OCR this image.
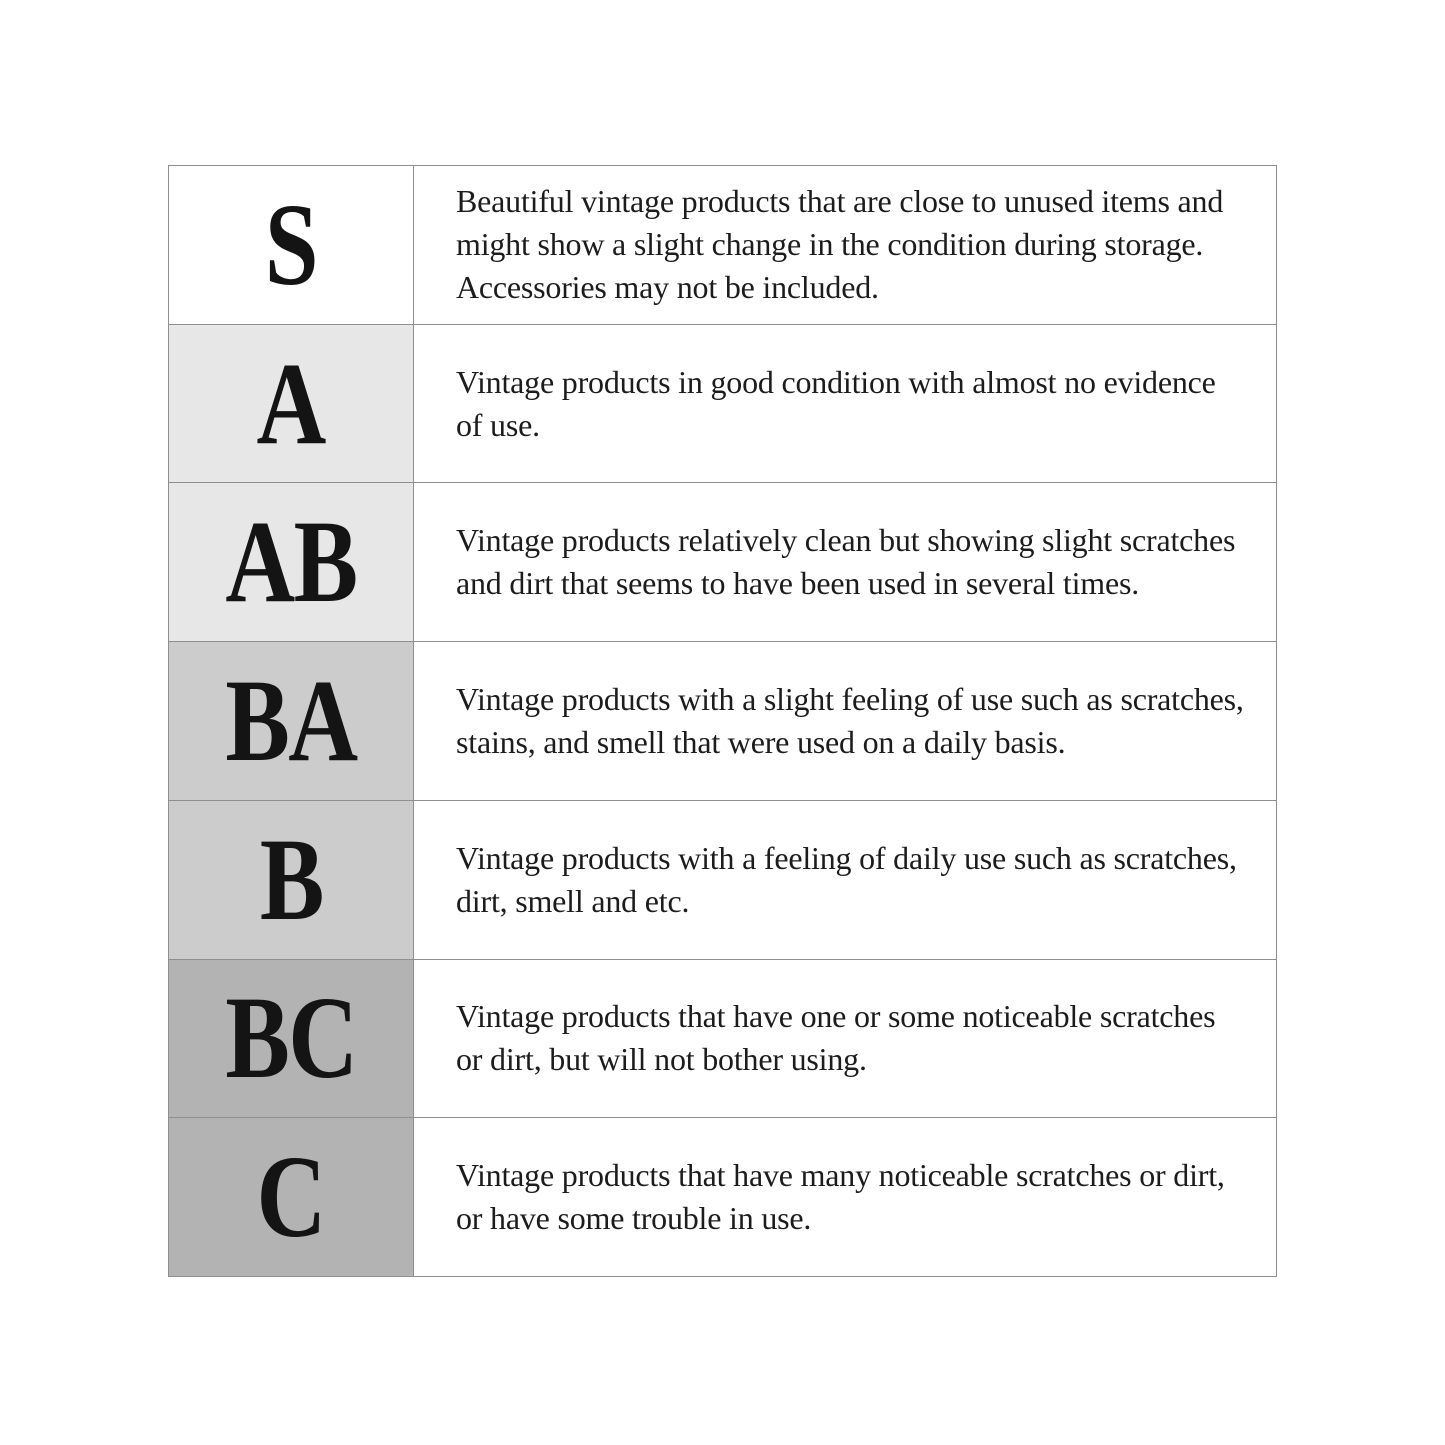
S	Beautiful vintage products that are close to unused items and might show a slight change in the condition during storage. Accessories may not be included.
A	Vintage products in good condition with almost no evidence of use.
AB	Vintage products relatively clean but showing slight scratches and dirt that seems to have been used in several times.
BA	Vintage products with a slight feeling of use such as scratches, stains, and smell that were used on a daily basis.
B	Vintage products with a feeling of daily use such as scratches, dirt, smell and etc.
BC	Vintage products that have one or some noticeable scratches or dirt, but will not bother using.
C	Vintage products that have many noticeable scratches or dirt, or have some trouble in use.
